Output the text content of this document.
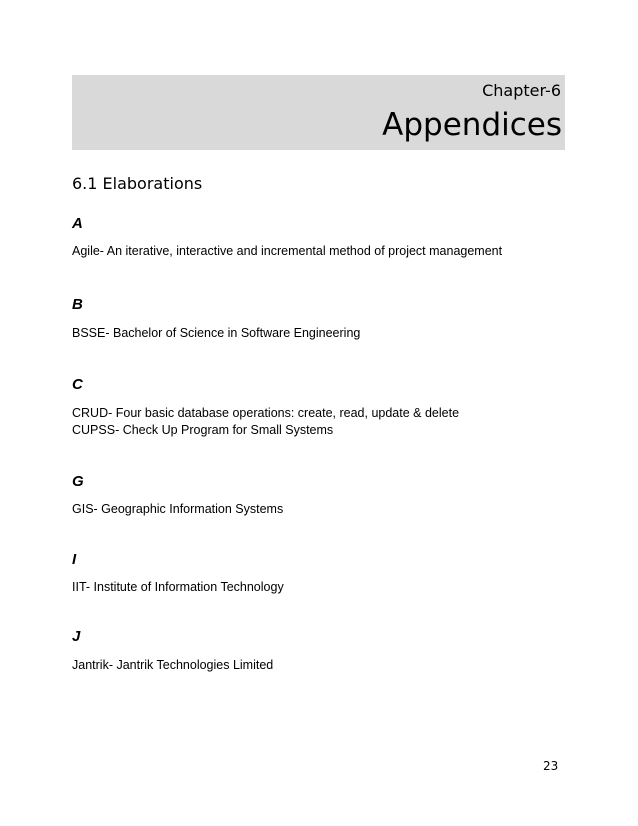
Chapter-6
Appendices
6.1 Elaborations
A
Agile- An iterative, interactive and incremental method of project management
B
BSSE- Bachelor of Science in Software Engineering
C
CRUD- Four basic database operations: create, read, update & delete
CUPSS- Check Up Program for Small Systems
G
GIS- Geographic Information Systems
I
IIT- Institute of Information Technology
J
Jantrik- Jantrik Technologies Limited
23
